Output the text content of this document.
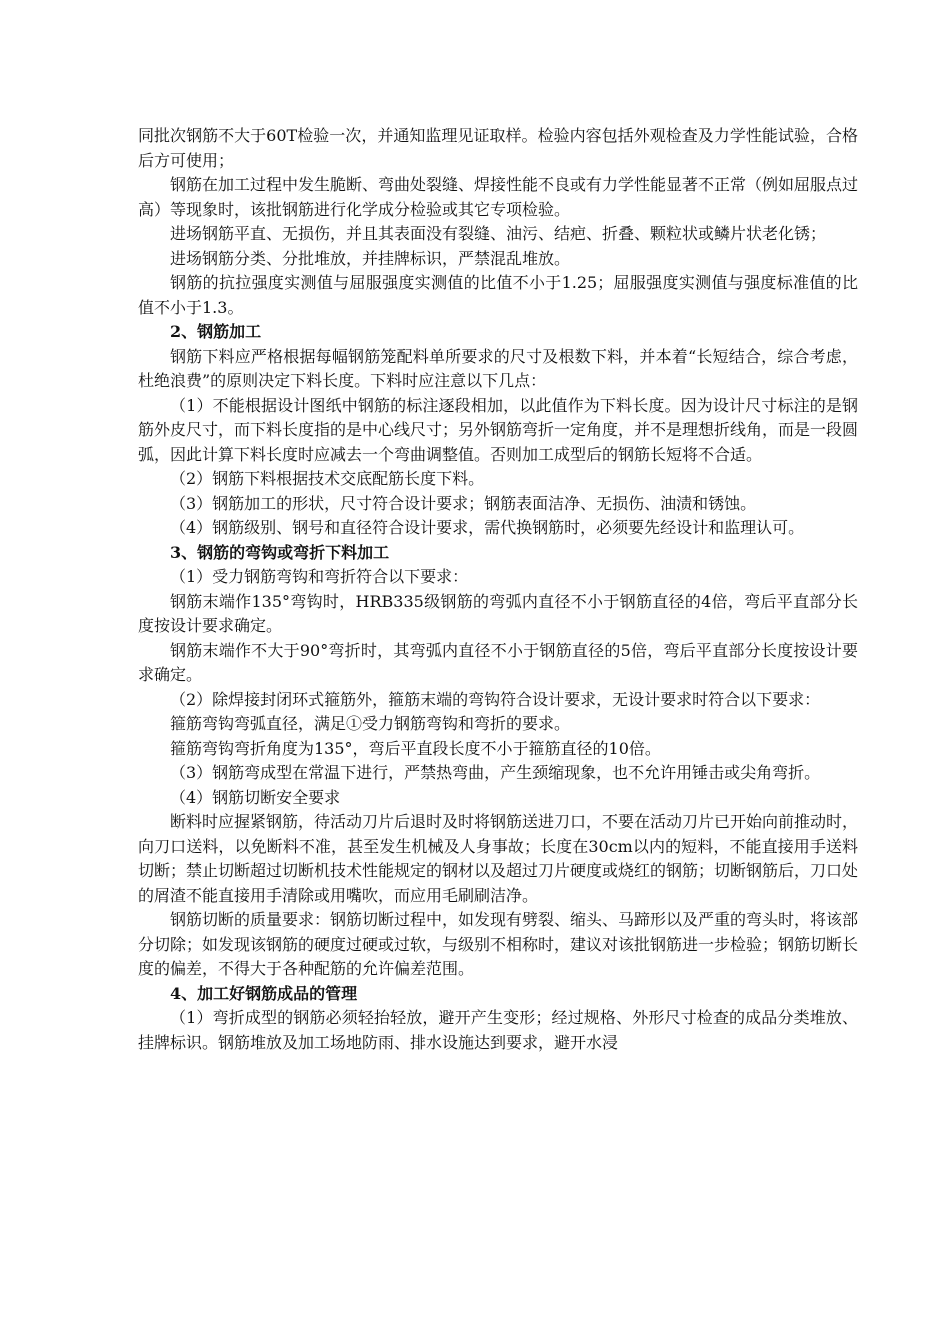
同批次钢筋不大于60T检验一次，并通知监理见证取样。检验内容包括外观检查及力学性能试验，合格后方可使用；

钢筋在加工过程中发生脆断、弯曲处裂缝、焊接性能不良或有力学性能显著不正常（例如屈服点过高）等现象时，该批钢筋进行化学成分检验或其它专项检验。

进场钢筋平直、无损伤，并且其表面没有裂缝、油污、结疤、折叠、颗粒状或鳞片状老化锈；

进场钢筋分类、分批堆放，并挂牌标识，严禁混乱堆放。

钢筋的抗拉强度实测值与屈服强度实测值的比值不小于1.25；屈服强度实测值与强度标准值的比值不小于1.3。

2、钢筋加工

钢筋下料应严格根据每幅钢筋笼配料单所要求的尺寸及根数下料，并本着“长短结合，综合考虑，杜绝浪费”的原则决定下料长度。下料时应注意以下几点：

（1）不能根据设计图纸中钢筋的标注逐段相加，以此值作为下料长度。因为设计尺寸标注的是钢筋外皮尺寸，而下料长度指的是中心线尺寸；另外钢筋弯折一定角度，并不是理想折线角，而是一段圆弧，因此计算下料长度时应减去一个弯曲调整值。否则加工成型后的钢筋长短将不合适。

（2）钢筋下料根据技术交底配筋长度下料。

（3）钢筋加工的形状，尺寸符合设计要求；钢筋表面洁净、无损伤、油渍和锈蚀。

（4）钢筋级别、钢号和直径符合设计要求，需代换钢筋时，必须要先经设计和监理认可。

3、钢筋的弯钩或弯折下料加工

（1）受力钢筋弯钩和弯折符合以下要求：

钢筋末端作135°弯钩时，HRB335级钢筋的弯弧内直径不小于钢筋直径的4倍，弯后平直部分长度按设计要求确定。

钢筋末端作不大于90°弯折时，其弯弧内直径不小于钢筋直径的5倍，弯后平直部分长度按设计要求确定。

（2）除焊接封闭环式箍筋外，箍筋末端的弯钩符合设计要求，无设计要求时符合以下要求：

箍筋弯钩弯弧直径，满足①受力钢筋弯钩和弯折的要求。

箍筋弯钩弯折角度为135°，弯后平直段长度不小于箍筋直径的10倍。

（3）钢筋弯成型在常温下进行，严禁热弯曲，产生颈缩现象，也不允许用锤击或尖角弯折。

（4）钢筋切断安全要求

断料时应握紧钢筋，待活动刀片后退时及时将钢筋送进刀口，不要在活动刀片已开始向前推动时，向刀口送料，以免断料不准，甚至发生机械及人身事故；长度在30cm以内的短料，不能直接用手送料切断；禁止切断超过切断机技术性能规定的钢材以及超过刀片硬度或烧红的钢筋；切断钢筋后，刀口处的屑渣不能直接用手清除或用嘴吹，而应用毛刷刷洁净。

钢筋切断的质量要求：钢筋切断过程中，如发现有劈裂、缩头、马蹄形以及严重的弯头时，将该部分切除；如发现该钢筋的硬度过硬或过软，与级别不相称时，建议对该批钢筋进一步检验；钢筋切断长度的偏差，不得大于各种配筋的允许偏差范围。

4、加工好钢筋成品的管理

（1）弯折成型的钢筋必须轻抬轻放，避开产生变形；经过规格、外形尺寸检查的成品分类堆放、挂牌标识。钢筋堆放及加工场地防雨、排水设施达到要求，避开水浸
